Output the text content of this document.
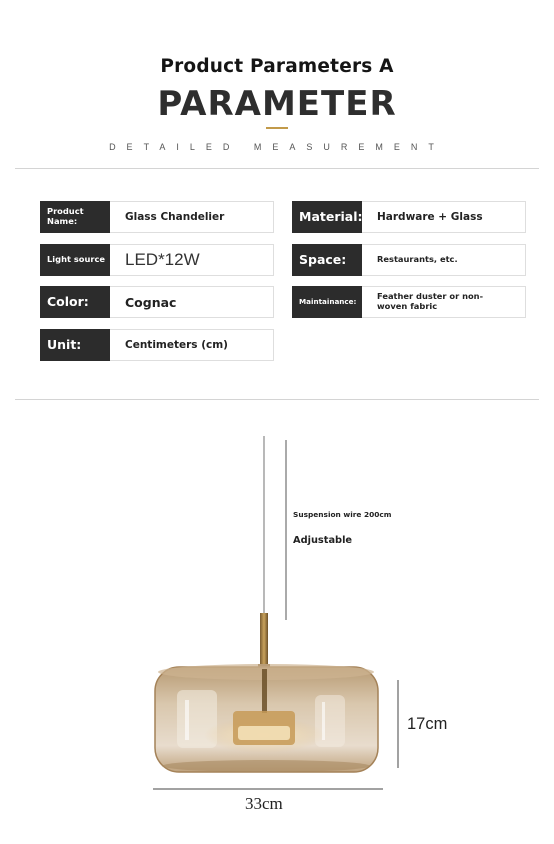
Product Parameters A
PARAMETER
DETAILED MEASUREMENT
Product Name:	Glass Chandelier	Material:	Hardware + Glass
Light source	LED*12W	Space:	Restaurants, etc.
Color:	Cognac	Maintainance:
Feather duster or non-woven fabric
Unit:	Centimeters (cm)
Suspension wire 200cm
Adjustable
17cm
33cm
